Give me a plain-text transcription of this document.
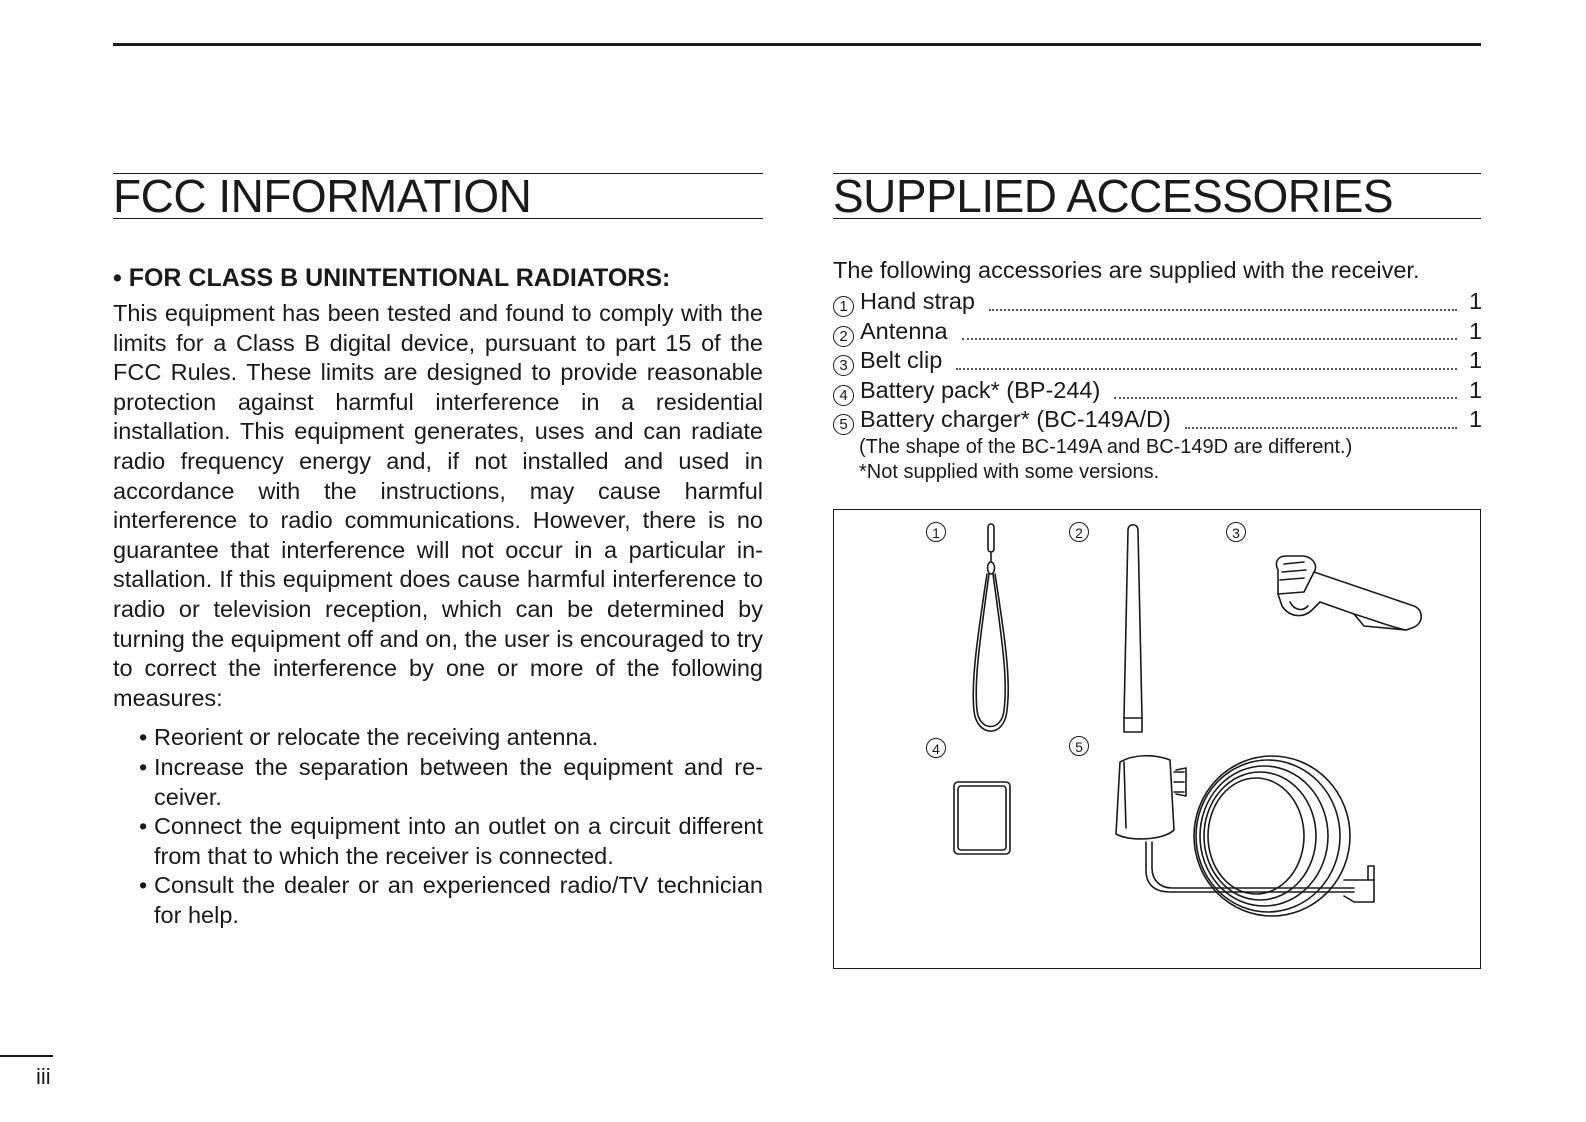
FCC INFORMATION
• FOR CLASS B UNINTENTIONAL RADIATORS:

This equipment has been tested and found to comply with the limits for a Class B digital device, pursuant to part 15 of the FCC Rules. These limits are designed to provide reasonable protection against harmful interference in a residential installation. This equipment generates, uses and can radiate radio frequency energy and, if not installed and used in accordance with the instructions, may cause harmful interference to radio communications. However, there is no guarantee that interference will not occur in a particular installation. If this equipment does cause harmful interference to radio or television reception, which can be determined by turning the equipment off and on, the user is encouraged to try to correct the interference by one or more of the following measures:

• Reorient or relocate the receiving antenna.
• Increase the separation between the equipment and receiver.
• Connect the equipment into an outlet on a circuit different from that to which the receiver is connected.
• Consult the dealer or an experienced radio/TV technician for help.
SUPPLIED ACCESSORIES

The following accessories are supplied with the receiver.

1 Hand strap	1
2 Antenna	1
3 Belt clip	1
4 Battery pack* (BP-244)	1
5 Battery charger* (BC-149A/D)	1

(The shape of the BC-149A and BC-149D are different.)

*Not supplied with some versions.

1	2	3
4	5
iii
